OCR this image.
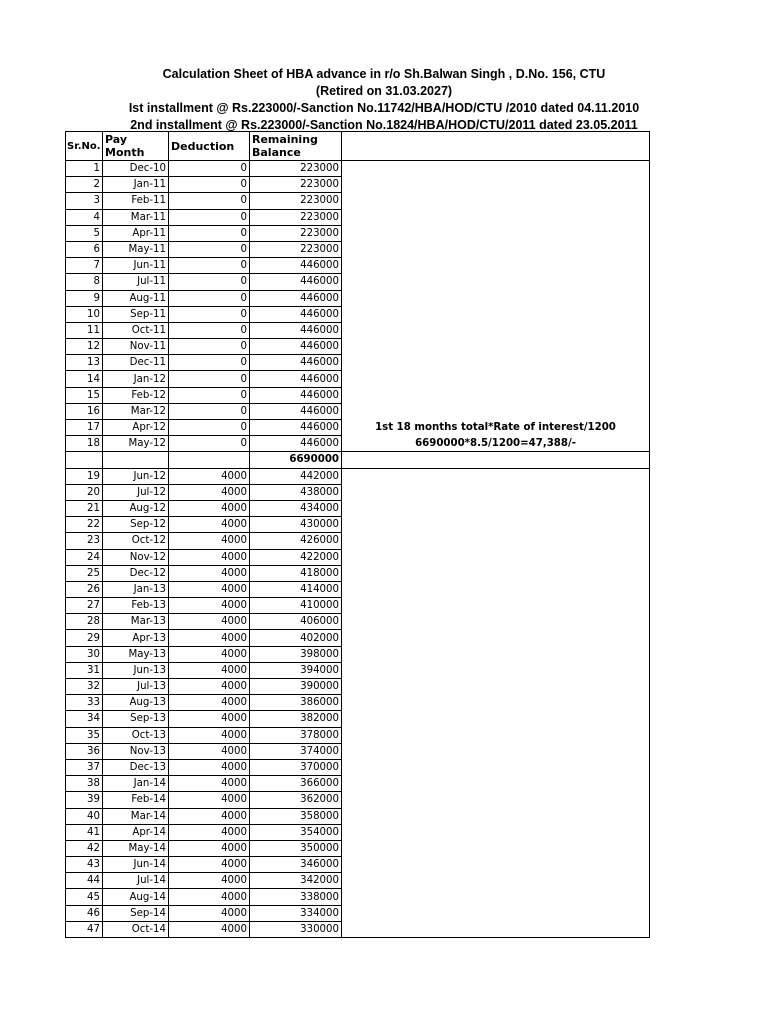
Calculation Sheet of HBA advance in r/o Sh.Balwan Singh , D.No. 156, CTU
(Retired on 31.03.2027)
Ist installment @ Rs.223000/-Sanction No.11742/HBA/HOD/CTU /2010 dated 04.11.2010
2nd installment @ Rs.223000/-Sanction No.1824/HBA/HOD/CTU/2011 dated 23.05.2011
Sr.No.	Pay Month	Deduction	Remaining Balance	
1	Dec-10	0	223000	
2	Jan-11	0	223000	
3	Feb-11	0	223000	
4	Mar-11	0	223000	
5	Apr-11	0	223000	
6	May-11	0	223000	
7	Jun-11	0	446000	
8	Jul-11	0	446000	
9	Aug-11	0	446000	
10	Sep-11	0	446000	
11	Oct-11	0	446000	
12	Nov-11	0	446000	
13	Dec-11	0	446000	
14	Jan-12	0	446000	
15	Feb-12	0	446000	
16	Mar-12	0	446000	
17	Apr-12	0	446000	1st 18 months total*Rate of interest/1200
18	May-12	0	446000	6690000*8.5/1200=47,388/-
			6690000	
19	Jun-12	4000	442000	
20	Jul-12	4000	438000	
21	Aug-12	4000	434000	
22	Sep-12	4000	430000	
23	Oct-12	4000	426000	
24	Nov-12	4000	422000	
25	Dec-12	4000	418000	
26	Jan-13	4000	414000	
27	Feb-13	4000	410000	
28	Mar-13	4000	406000	
29	Apr-13	4000	402000	
30	May-13	4000	398000	
31	Jun-13	4000	394000	
32	Jul-13	4000	390000	
33	Aug-13	4000	386000	
34	Sep-13	4000	382000	
35	Oct-13	4000	378000	
36	Nov-13	4000	374000	
37	Dec-13	4000	370000	
38	Jan-14	4000	366000	
39	Feb-14	4000	362000	
40	Mar-14	4000	358000	
41	Apr-14	4000	354000	
42	May-14	4000	350000	
43	Jun-14	4000	346000	
44	Jul-14	4000	342000	
45	Aug-14	4000	338000	
46	Sep-14	4000	334000	
47	Oct-14	4000	330000	
